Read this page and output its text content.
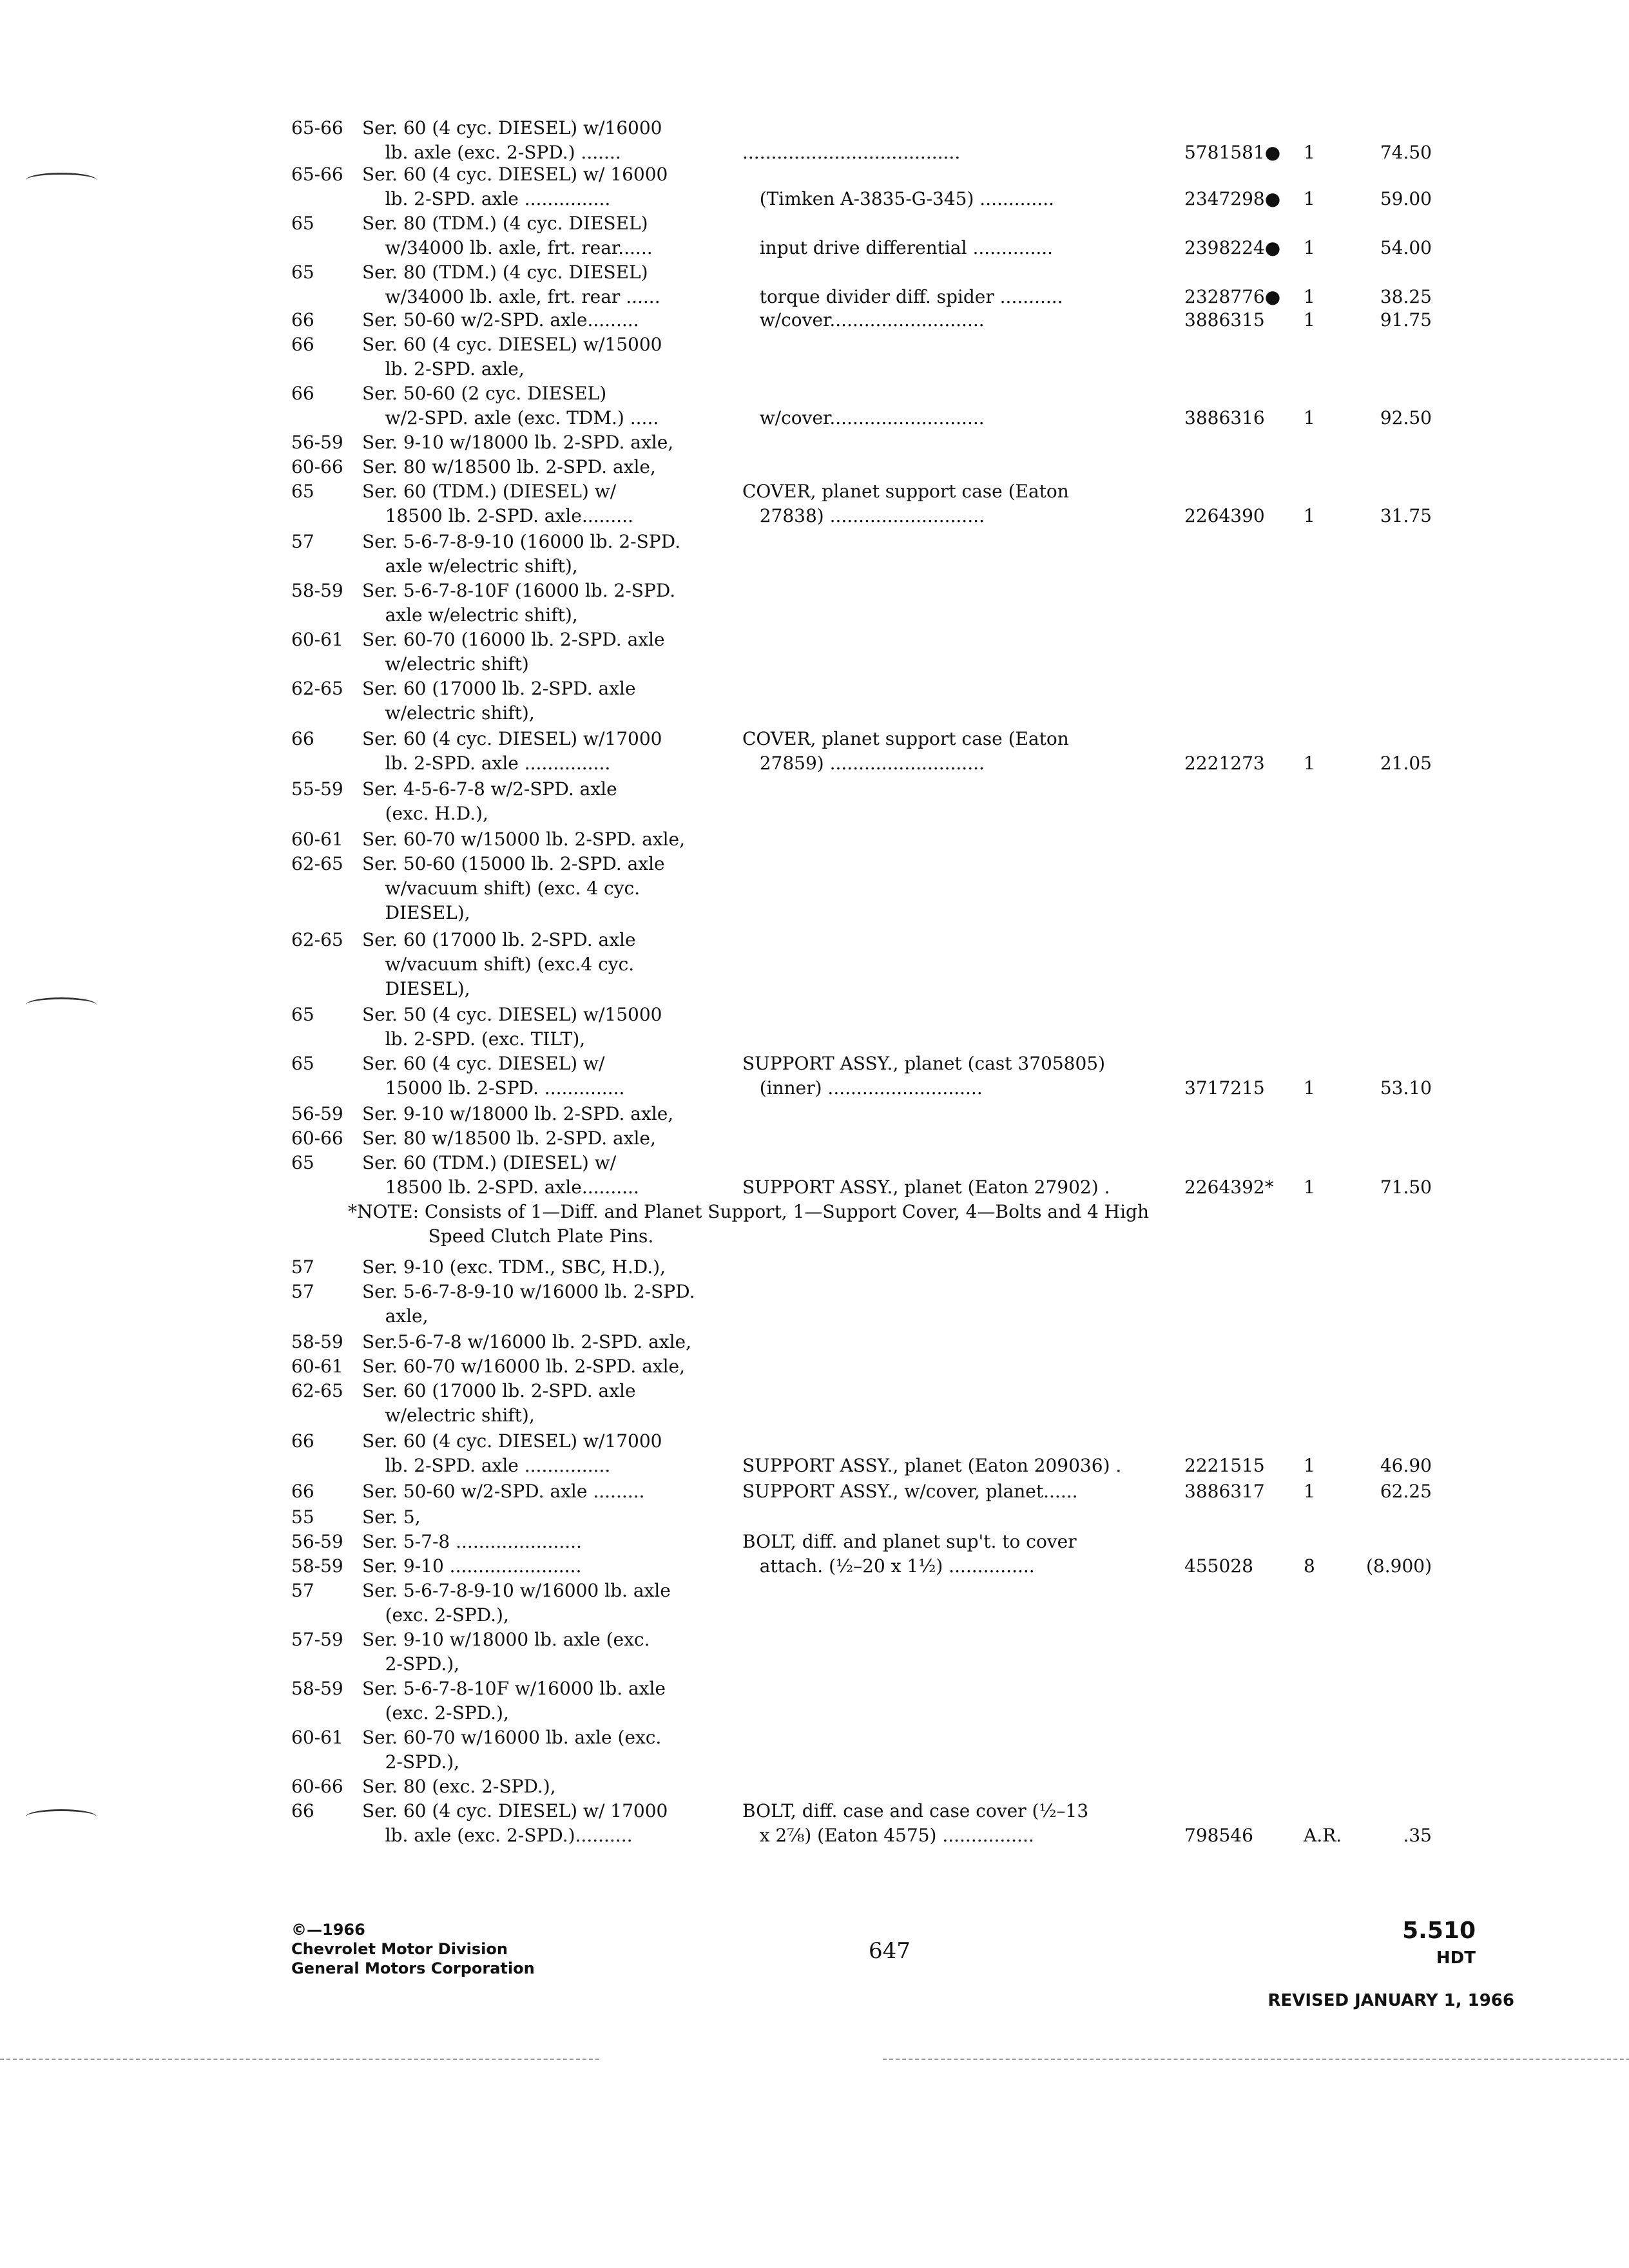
65-66 Ser. 60 (4 cyc. DIESEL) w/16000
lb. axle (exc. 2-SPD.) .......	......................................	5781581● 1	74.50
65-66 Ser. 60 (4 cyc. DIESEL) w/ 16000
lb. 2-SPD. axle ...............	(Timken A-3835-G-345) .............	2347298● 1	59.00
65	Ser. 80 (TDM.) (4 cyc. DIESEL)
w/34000 lb. axle, frt. rear......	input drive differential ..............	2398224● 1	54.00
65	Ser. 80 (TDM.) (4 cyc. DIESEL)
w/34000 lb. axle, frt. rear ......	torque divider diff. spider ...........	2328776● 1	38.25
66	Ser. 50-60 w/2-SPD. axle.........	w/cover...........................	3886315 1	91.75
66	Ser. 60 (4 cyc. DIESEL) w/15000
lb. 2-SPD. axle,
66	Ser. 50-60 (2 cyc. DIESEL)
w/2-SPD. axle (exc. TDM.) .....	w/cover...........................	3886316 1	92.50
56-59 Ser. 9-10 w/18000 lb. 2-SPD. axle,
60-66 Ser. 80 w/18500 lb. 2-SPD. axle,
65	Ser. 60 (TDM.) (DIESEL) w/	COVER, planet support case (Eaton
18500 lb. 2-SPD. axle.........	27838) ...........................	2264390 1	31.75
57	Ser. 5-6-7-8-9-10 (16000 lb. 2-SPD.
axle w/electric shift),
58-59 Ser. 5-6-7-8-10F (16000 lb. 2-SPD.
axle w/electric shift),
60-61 Ser. 60-70 (16000 lb. 2-SPD. axle
w/electric shift)
62-65 Ser. 60 (17000 lb. 2-SPD. axle
w/electric shift),
66	Ser. 60 (4 cyc. DIESEL) w/17000	COVER, planet support case (Eaton
lb. 2-SPD. axle ...............	27859) ...........................	2221273 1	21.05
55-59 Ser. 4-5-6-7-8 w/2-SPD. axle
(exc. H.D.),
60-61 Ser. 60-70 w/15000 lb. 2-SPD. axle,
62-65 Ser. 50-60 (15000 lb. 2-SPD. axle
w/vacuum shift) (exc. 4 cyc.
DIESEL),
62-65 Ser. 60 (17000 lb. 2-SPD. axle
w/vacuum shift) (exc.4 cyc.
DIESEL),
65	Ser. 50 (4 cyc. DIESEL) w/15000
lb. 2-SPD. (exc. TILT),
65	Ser. 60 (4 cyc. DIESEL) w/	SUPPORT ASSY., planet (cast 3705805)
15000 lb. 2-SPD. ..............	(inner) ...........................	3717215 1	53.10
56-59 Ser. 9-10 w/18000 lb. 2-SPD. axle,
60-66 Ser. 80 w/18500 lb. 2-SPD. axle,
65	Ser. 60 (TDM.) (DIESEL) w/
18500 lb. 2-SPD. axle..........	SUPPORT ASSY., planet (Eaton 27902) .	2264392* 1	71.50
*NOTE: Consists of 1—Diff. and Planet Support, 1—Support Cover, 4—Bolts and 4 High
Speed Clutch Plate Pins.
57	Ser. 9-10 (exc. TDM., SBC, H.D.),
57	Ser. 5-6-7-8-9-10 w/16000 lb. 2-SPD.
axle,
58-59 Ser.5-6-7-8 w/16000 lb. 2-SPD. axle,
60-61 Ser. 60-70 w/16000 lb. 2-SPD. axle,
62-65 Ser. 60 (17000 lb. 2-SPD. axle
w/electric shift),
66	Ser. 60 (4 cyc. DIESEL) w/17000
lb. 2-SPD. axle ...............	SUPPORT ASSY., planet (Eaton 209036) .	2221515 1	46.90
66	Ser. 50-60 w/2-SPD. axle .........	SUPPORT ASSY., w/cover, planet......	3886317 1	62.25
55	Ser. 5,
56-59 Ser. 5-7-8 ......................	BOLT, diff. and planet sup't. to cover
58-59 Ser. 9-10 .......................	attach. (½–20 x 1½) ...............	455028	8	(8.900)
57	Ser. 5-6-7-8-9-10 w/16000 lb. axle
(exc. 2-SPD.),
57-59 Ser. 9-10 w/18000 lb. axle (exc.
2-SPD.),
58-59 Ser. 5-6-7-8-10F w/16000 lb. axle
(exc. 2-SPD.),
60-61 Ser. 60-70 w/16000 lb. axle (exc.
2-SPD.),
60-66 Ser. 80 (exc. 2-SPD.),
66	Ser. 60 (4 cyc. DIESEL) w/ 17000	BOLT, diff. case and case cover (½–13
lb. axle (exc. 2-SPD.)..........	x 2⅞) (Eaton 4575) ................	798546	A.R.	.35
©—1966
Chevrolet Motor Division
General Motors Corporation
647
5.510
HDT
REVISED JANUARY 1, 1966
